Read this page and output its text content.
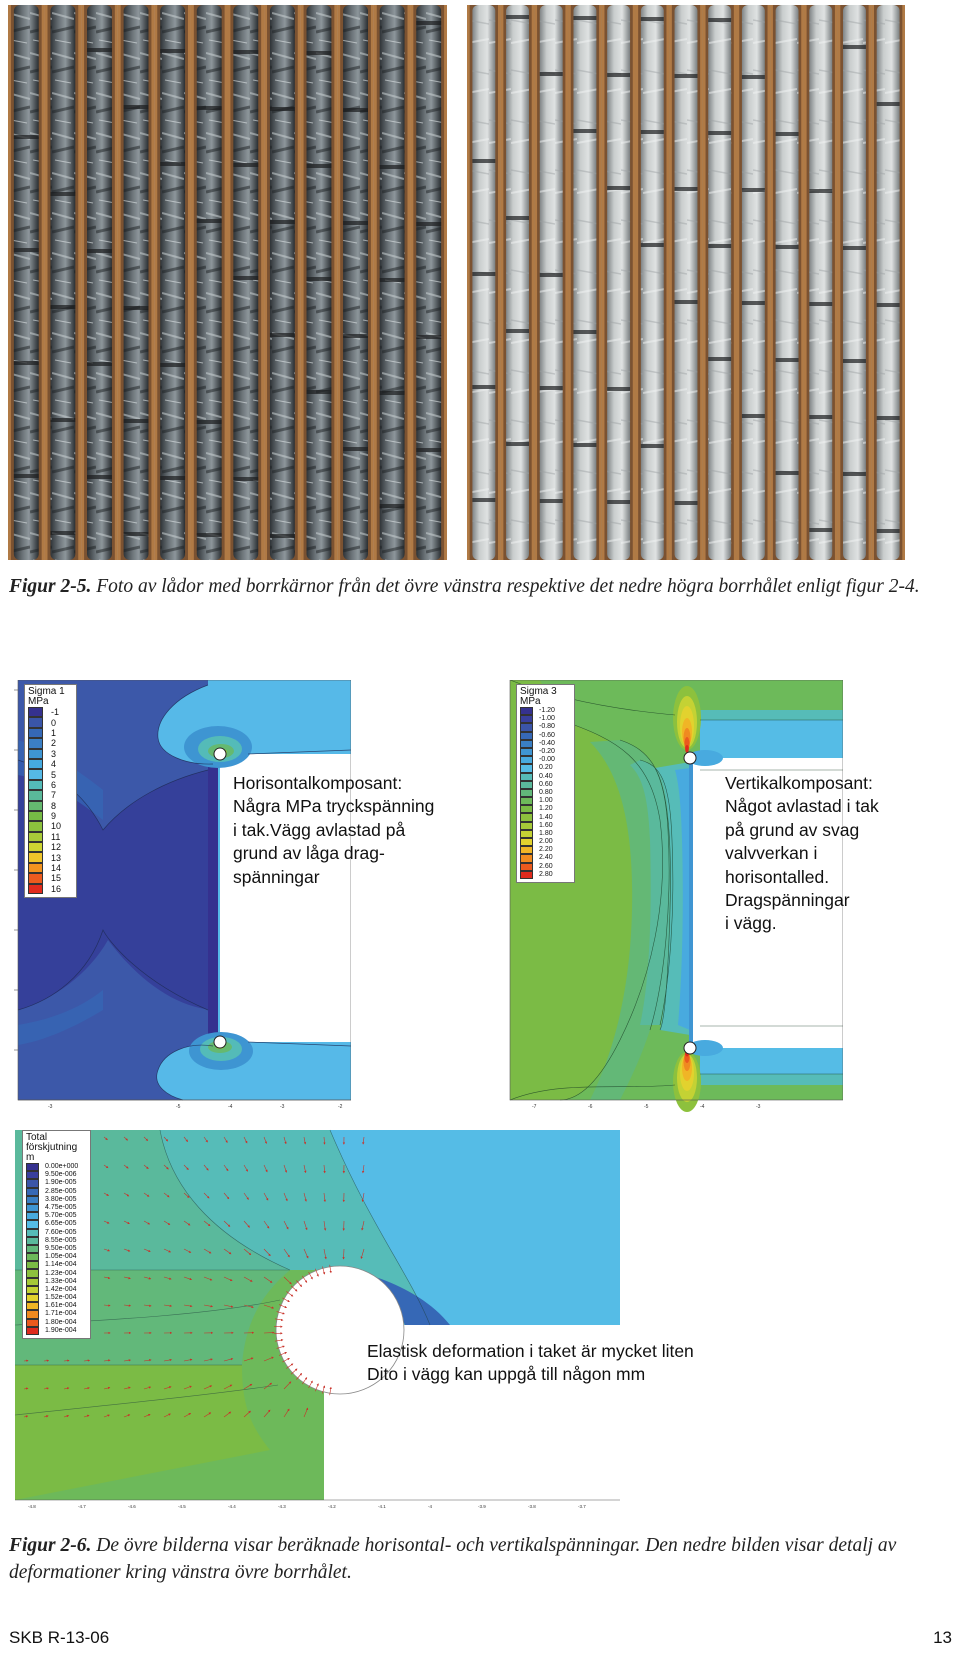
Figur 2-5. Foto av lådor med borrkärnor från det övre vänstra respektive det nedre högra borrhålet enligt figur 2-4.
-3	-5	-4	-3	-2
Sigma 1
MPa
-1
0
1
2
3
4
5
6
7
8
9
10
11
12
13
14
15
16
Horisontalkomposant:
Några MPa tryckspänning
i tak.Vägg avlastad på
grund av låga drag-
spänningar
-7	-6	-5	-4	-3
Sigma 3
MPa
-1.20
-1.00
-0.80
-0.60
-0.40
-0.20
-0.00
0.20
0.40
0.60
0.80
1.00
1.20
1.40
1.60
1.80
2.00
2.20
2.40
2.60
2.80
Vertikalkomposant:
Något avlastad i tak
på grund av svag
valvverkan i
horisontalled.
Dragspänningar
i vägg.
-4.8	-4.7	-4.6	-4.5	-4.4	-4.3	-4.2	-4.1	-4	-3.9	-3.8	-3.7
Total
förskjutning
m
0.00e+000
9.50e-006
1.90e-005
2.85e-005
3.80e-005
4.75e-005
5.70e-005
6.65e-005
7.60e-005
8.55e-005
9.50e-005
1.05e-004
1.14e-004
1.23e-004
1.33e-004
1.42e-004
1.52e-004
1.61e-004
1.71e-004
1.80e-004
1.90e-004
Elastisk deformation i taket är mycket liten
Dito i vägg kan uppgå till någon mm
Figur 2-6. De övre bilderna visar beräknade horisontal- och vertikalspänningar. Den nedre bilden visar detalj av deformationer kring vänstra övre borrhålet.
SKB R-13-06	13
